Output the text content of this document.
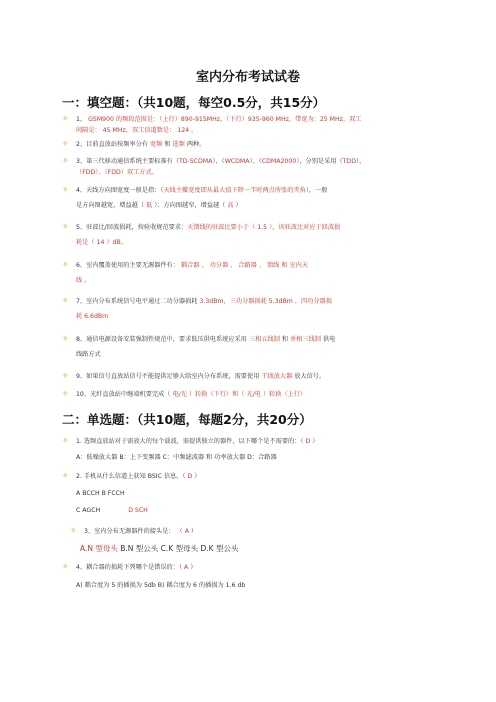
室内分布考试试卷
一：填空题：（共10题，每空0.5分，共15分）
✧ 1、 GSM900 的频段范围是：（上行）890-915MHz，（下行）935-960 MHz，带宽为：25 MHz，双工
间隔是： 45 MHz，双工信道数是： 124 。
✧ 2、目前直放站按频率分有 宽频 和 选频 两种。
✧ 3、第三代移动通信系统主要标准有（TD-SCDMA）、（WCDMA）、（CDMA2000），分别是采用（TDD）、
（FDD）、（FDD）双工方式。
✧ 4、天线方向图宽度一般是指：（天线主瓣宽度即从最大值下降一半时两点所张的夹角），一般
是方向图越宽，增益越（ 低 ）；方向图越窄，增益越（ 高 ）
✧ 5、驻波比/回波损耗，按验收规范要求：天馈线的驻波比要小于（ 1.5 ），该驻波比对应于回波损
耗是（ 14 ）dB。
✧ 6、室内覆盖使用的主要无源器件有： 耦合器 、 功分器 、 合路器 、 馈线 和 室内天
线 。
✧ 7、室内分布系统信号电平通过二功分器损耗 3.3dBm，三功分器损耗 5.3dBm ，四功分器损
耗 6.6dBm
✧ 8、通信电源设备安装强制性规范中，要求低压供电系统应采用 三相五线制 和 单相三线制 供电
线路方式
✧ 9、如果信号直放站信号不能提供足够大给室内分布系统，需要使用 干线放大器 放大信号。
✧ 10、光纤直放站中继端机要完成（ 电/光 ）转换（下行）和（ 光/电 ）转换（上行）
二：单选题：（共10题，每题2分，共20分）
✧ 1. 选频直放站对于需放大的每个载波，需提供独立的器件，以下哪个是不需要的：（ D ）
A：低噪放大器 B：上下变频器 C：中频滤波器 和 功率放大器 D：合路器
✧ 2. 手机从什么信道上获知 BSIC 信息。（ D ）
A BCCH B FCCH
C AGCH	D SCH
✧ 3、室内分布无源器件的接头是： （ A ）
A.N 型母头 B.N 型公头 C.K 型母头 D.K 型公头
✧ 4、耦合器的损耗下列哪个是错误的：（ A ）
A) 耦合度为 5 的插损为 5db B) 耦合度为 6 的插损为 1.6 db
